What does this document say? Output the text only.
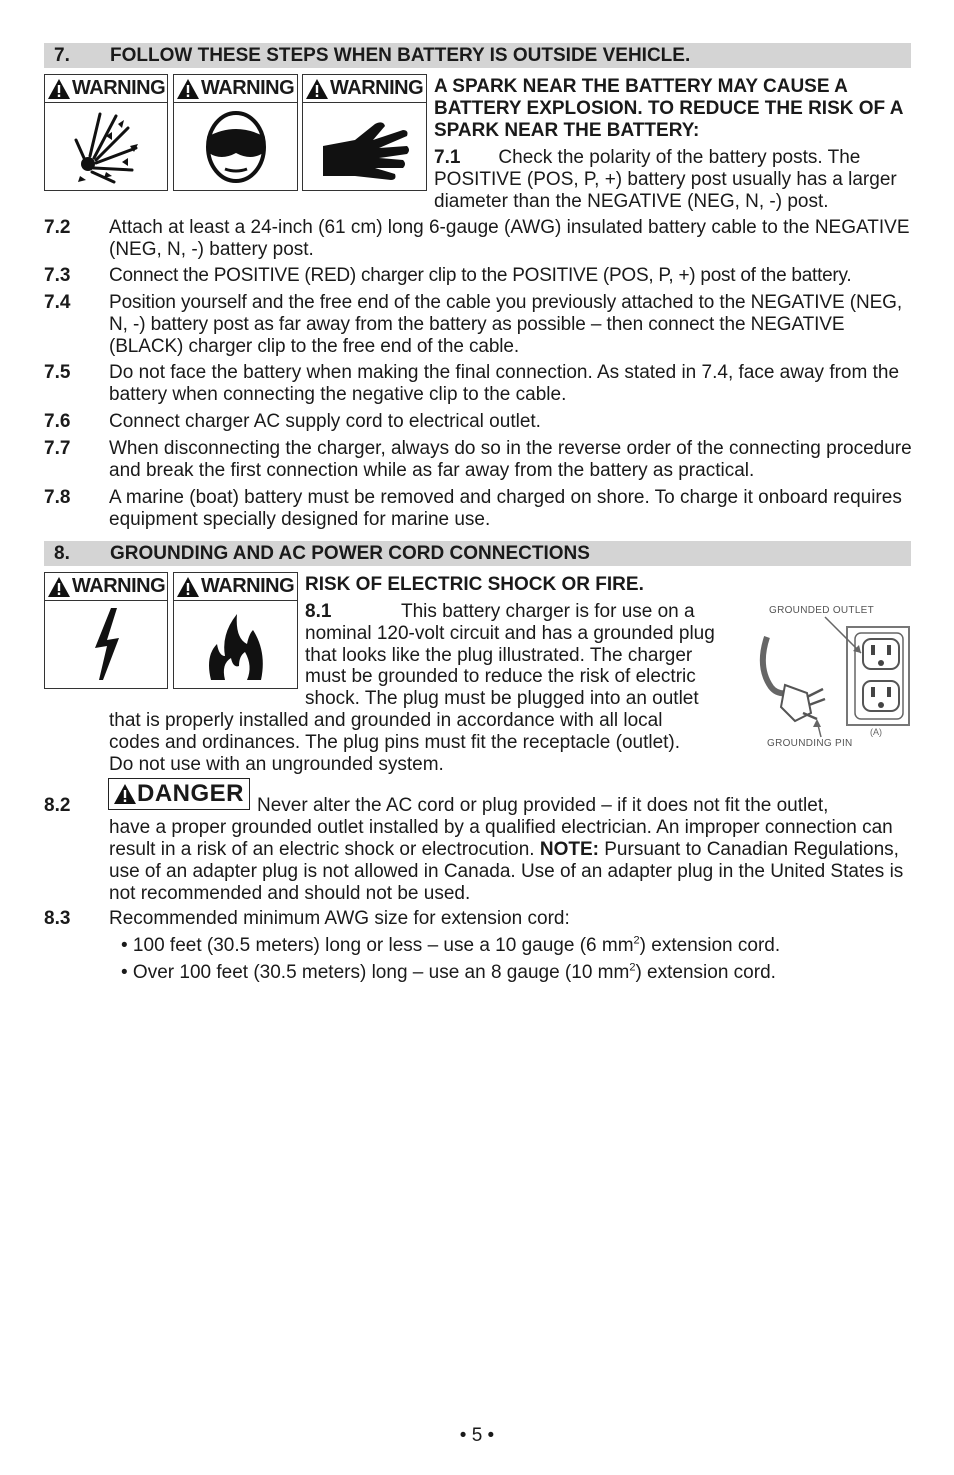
7. FOLLOW THESE STEPS WHEN BATTERY IS OUTSIDE VEHICLE.
WARNING WARNING WARNING A SPARK NEAR THE BATTERY MAY CAUSE A BATTERY EXPLOSION. TO REDUCE THE RISK OF A SPARK NEAR THE BATTERY:
7.1 Check the polarity of the battery posts. The POSITIVE (POS, P, +) battery post usually has a larger diameter than the NEGATIVE (NEG, N, -) post.
7.2 Attach at least a 24-inch (61 cm) long 6-gauge (AWG) insulated battery cable to the NEGATIVE (NEG, N, -) battery post.
7.3 Connect the POSITIVE (RED) charger clip to the POSITIVE (POS, P, +) post of the battery.
7.4 Position yourself and the free end of the cable you previously attached to the NEGATIVE (NEG, N, -) battery post as far away from the battery as possible – then connect the NEGATIVE (BLACK) charger clip to the free end of the cable.
7.5 Do not face the battery when making the final connection. As stated in 7.4, face away from the battery when connecting the negative clip to the cable.
7.6 Connect charger AC supply cord to electrical outlet.
7.7 When disconnecting the charger, always do so in the reverse order of the connecting procedure and break the first connection while as far away from the battery as practical.
7.8 A marine (boat) battery must be removed and charged on shore. To charge it onboard requires equipment specially designed for marine use.
8. GROUNDING AND AC POWER CORD CONNECTIONS
WARNING WARNING RISK OF ELECTRIC SHOCK OR FIRE.
8.1	This battery charger is for use on a
nominal 120-volt circuit and has a grounded plug
that looks like the plug illustrated. The charger
must be grounded to reduce the risk of electric
shock. The plug must be plugged into an outlet
that is properly installed and grounded in accordance with all local
codes and ordinances. The plug pins must fit the receptacle (outlet).
Do not use with an ungrounded system.
GROUNDED OUTLET
GROUNDING PIN
(A)
8.2	DANGER Never alter the AC cord or plug provided – if it does not fit the outlet,
have a proper grounded outlet installed by a qualified electrician. An improper connection can result in a risk of an electric shock or electrocution. NOTE: Pursuant to Canadian Regulations, use of an adapter plug is not allowed in Canada. Use of an adapter plug in the United States is not recommended and should not be used.
8.3 Recommended minimum AWG size for extension cord:
• 100 feet (30.5 meters) long or less – use a 10 gauge (6 $mm^2$) extension cord.
• Over 100 feet (30.5 meters) long – use an 8 gauge (10 $mm^2$) extension cord.
• 5 •
